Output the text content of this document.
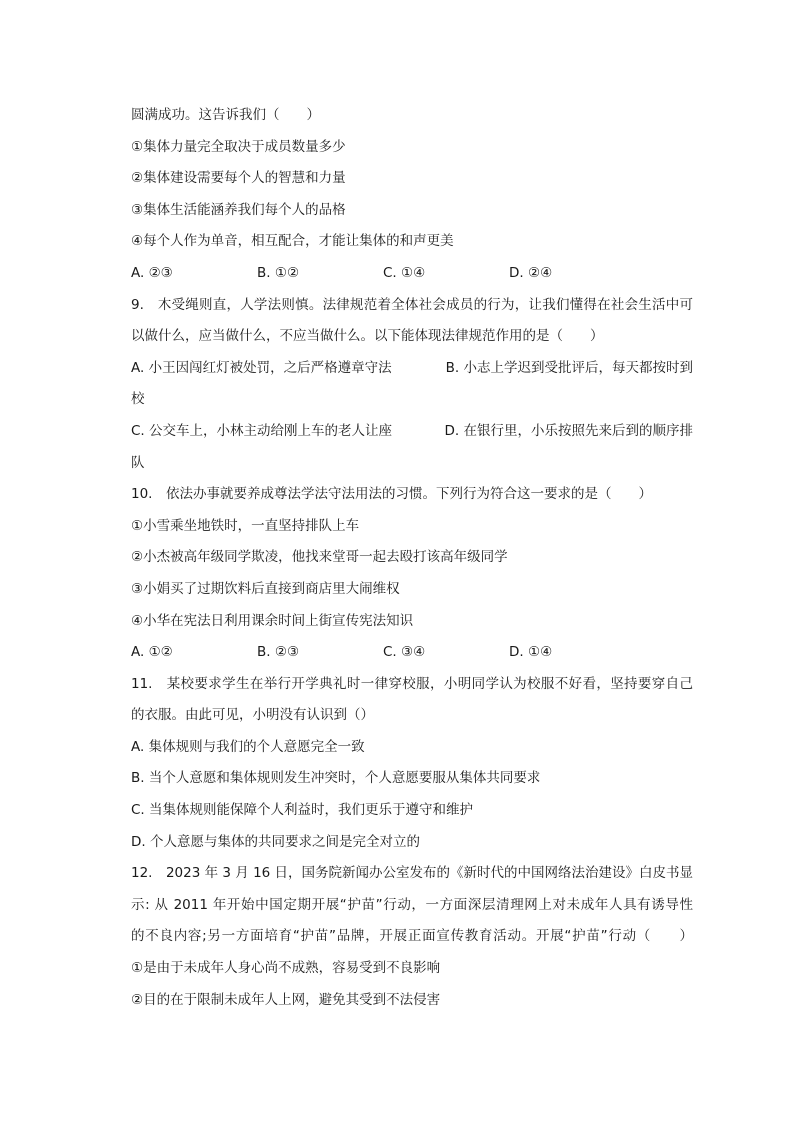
圆满成功。这告诉我们（　　）
①集体力量完全取决于成员数量多少
②集体建设需要每个人的智慧和力量
③集体生活能涵养我们每个人的品格
④每个人作为单音，相互配合，才能让集体的和声更美
A. ②③	B. ①②	C. ①④	D. ②④
9.　木受绳则直，人学法则慎。法律规范着全体社会成员的行为，让我们懂得在社会生活中可
以做什么，应当做什么，不应当做什么。以下能体现法律规范作用的是（　　）
A. 小王因闯红灯被处罚，之后严格遵章守法	B. 小志上学迟到受批评后，每天都按时到
校
C. 公交车上，小林主动给刚上车的老人让座	D. 在银行里，小乐按照先来后到的顺序排
队
10.　依法办事就要养成尊法学法守法用法的习惯。下列行为符合这一要求的是（　　）
①小雪乘坐地铁时，一直坚持排队上车
②小杰被高年级同学欺凌，他找来堂哥一起去殴打该高年级同学
③小娟买了过期饮料后直接到商店里大闹维权
④小华在宪法日利用课余时间上街宣传宪法知识
A. ①②	B. ②③	C. ③④	D. ①④
11.　某校要求学生在举行开学典礼时一律穿校服，小明同学认为校服不好看，坚持要穿自己
的衣服。由此可见，小明没有认识到（）
A. 集体规则与我们的个人意愿完全一致
B. 当个人意愿和集体规则发生冲突时，个人意愿要服从集体共同要求
C. 当集体规则能保障个人利益时，我们更乐于遵守和维护
D. 个人意愿与集体的共同要求之间是完全对立的
12.　2023 年 3 月 16 日，国务院新闻办公室发布的《新时代的中国网络法治建设》白皮书显
示: 从 2011 年开始中国定期开展“护苗”行动，一方面深层清理网上对未成年人具有诱导性
的不良内容;另一方面培育“护苗”品牌，开展正面宣传教育活动。开展“护苗”行动（　　）
①是由于未成年人身心尚不成熟，容易受到不良影响
②目的在于限制未成年人上网，避免其受到不法侵害
